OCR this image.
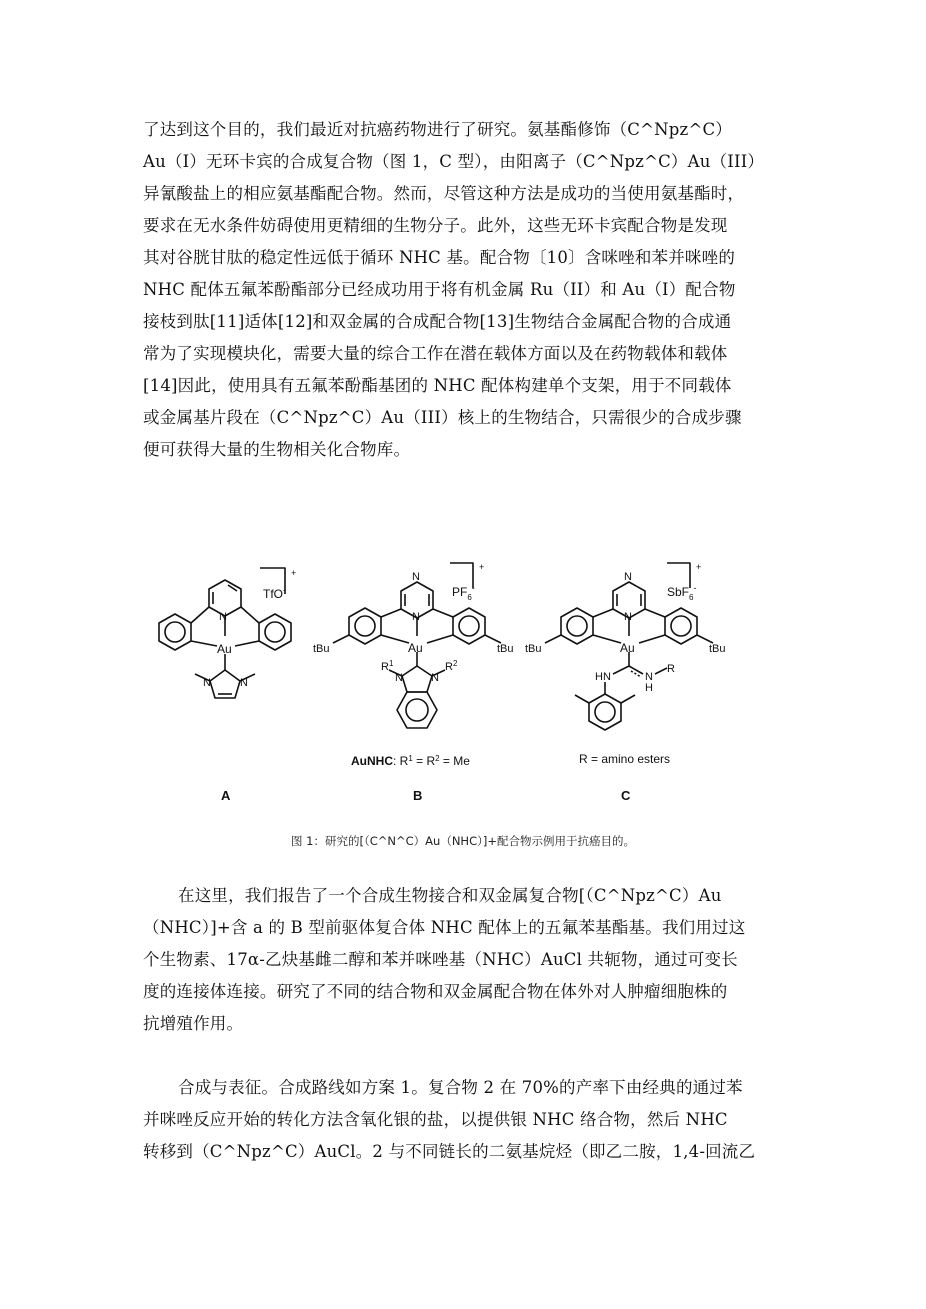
了达到这个目的，我们最近对抗癌药物进行了研究。氨基酯修饰（C^Npz^C）
Au（I）无环卡宾的合成复合物（图 1，C 型），由阳离子（C^Npz^C）Au（III）
异氰酸盐上的相应氨基酯配合物。然而，尽管这种方法是成功的当使用氨基酯时，
要求在无水条件妨碍使用更精细的生物分子。此外，这些无环卡宾配合物是发现
其对谷胱甘肽的稳定性远低于循环 NHC 基。配合物〔10〕含咪唑和苯并咪唑的
NHC 配体五氟苯酚酯部分已经成功用于将有机金属 Ru（II）和 Au（I）配合物
接枝到肽[11]适体[12]和双金属的合成配合物[13]生物结合金属配合物的合成通
常为了实现模块化，需要大量的综合工作在潜在载体方面以及在药物载体和载体
[14]因此，使用具有五氟苯酚酯基团的 NHC 配体构建单个支架，用于不同载体
或金属基片段在（C^Npz^C）Au（III）核上的生物结合，只需很少的合成步骤
便可获得大量的生物相关化合物库。
+
TfO-
N
Au
N	N
A
+
$PF_6^-$
N
N
Au
tBu	tBu
$R^1$	$R^2$
N	N
AuNHC: $R^1 = R^2 = Me$
B
+
SbF$_6$-
N
N
Au
tBu	tBu
HN	N
R
H
R = amino esters
C
图 1：研究的[（C^N^C）Au（NHC）]+配合物示例用于抗癌目的。
在这里，我们报告了一个合成生物接合和双金属复合物[（C^Npz^C）Au
（NHC）]+含 a 的 B 型前驱体复合体 NHC 配体上的五氟苯基酯基。我们用过这
个生物素、17α-乙炔基雌二醇和苯并咪唑基（NHC）AuCl 共轭物，通过可变长
度的连接体连接。研究了不同的结合物和双金属配合物在体外对人肿瘤细胞株的
抗增殖作用。
合成与表征。合成路线如方案 1。复合物 2 在 70%的产率下由经典的通过苯
并咪唑反应开始的转化方法含氧化银的盐，以提供银 NHC 络合物，然后 NHC
转移到（C^Npz^C）AuCl。2 与不同链长的二氨基烷烃（即乙二胺，1,4-回流乙
